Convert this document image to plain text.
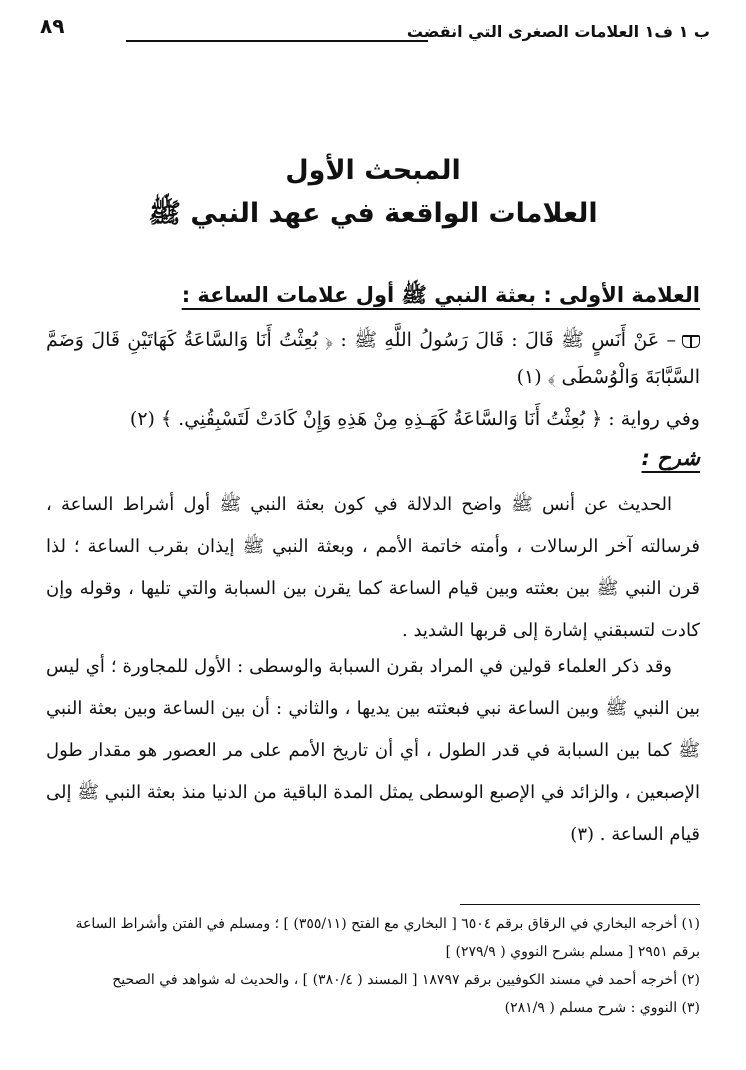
٨٩	ب ١ ف١ العلامات الصغرى التي انقضت
المبحث الأول
العلامات الواقعة في عهد النبي ﷺ
العلامة الأولى : بعثة النبي ﷺ أول علامات الساعة :
– عَنْ أَنَسٍ ﷺ قَالَ : قَالَ رَسُولُ اللَّهِ ﷺ : ﴿ بُعِثْتُ أَنَا وَالسَّاعَةُ كَهَاتَيْنِ قَالَ وَضَمَّ السَّبَّابَةَ وَالْوُسْطَى ﴾ (١)
وفي رواية : ﴿ بُعِثْتُ أَنَا وَالسَّاعَةُ كَهَـذِهِ مِنْ هَذِهِ وَإِنْ كَادَتْ لَتَسْبِقُنِي. ﴾ (٢)
شرح :
الحديث عن أنس ﷺ واضح الدلالة في كون بعثة النبي ﷺ أول أشراط الساعة ، فرسالته آخر الرسالات ، وأمته خاتمة الأمم ، وبعثة النبي ﷺ إيذان بقرب الساعة ؛ لذا قرن النبي ﷺ بين بعثته وبين قيام الساعة كما يقرن بين السبابة والتي تليها ، وقوله وإن كادت لتسبقني إشارة إلى قربها الشديد .
وقد ذكر العلماء قولين في المراد بقرن السبابة والوسطى : الأول للمجاورة ؛ أي ليس بين النبي ﷺ وبين الساعة نبي فبعثته بين يديها ، والثاني : أن بين الساعة وبين بعثة النبي ﷺ كما بين السبابة في قدر الطول ، أي أن تاريخ الأمم على مر العصور هو مقدار طول الإصبعين ، والزائد في الإصبع الوسطى يمثل المدة الباقية من الدنيا منذ بعثة النبي ﷺ إلى قيام الساعة . (٣)
(١) أخرجه البخاري في الرقاق برقم ٦٥٠٤ [ البخاري مع الفتح (٣٥٥/١١) ] ؛ ومسلم في الفتن وأشراط الساعة برقم ٢٩٥١ [ مسلم بشرح النووي ( ٢٧٩/٩) ]
(٢) أخرجه أحمد في مسند الكوفيين برقم ١٨٧٩٧ [ المسند ( ٣٨٠/٤) ] ، والحديث له شواهد في الصحيح
(٣) النووي : شرح مسلم ( ٢٨١/٩)
